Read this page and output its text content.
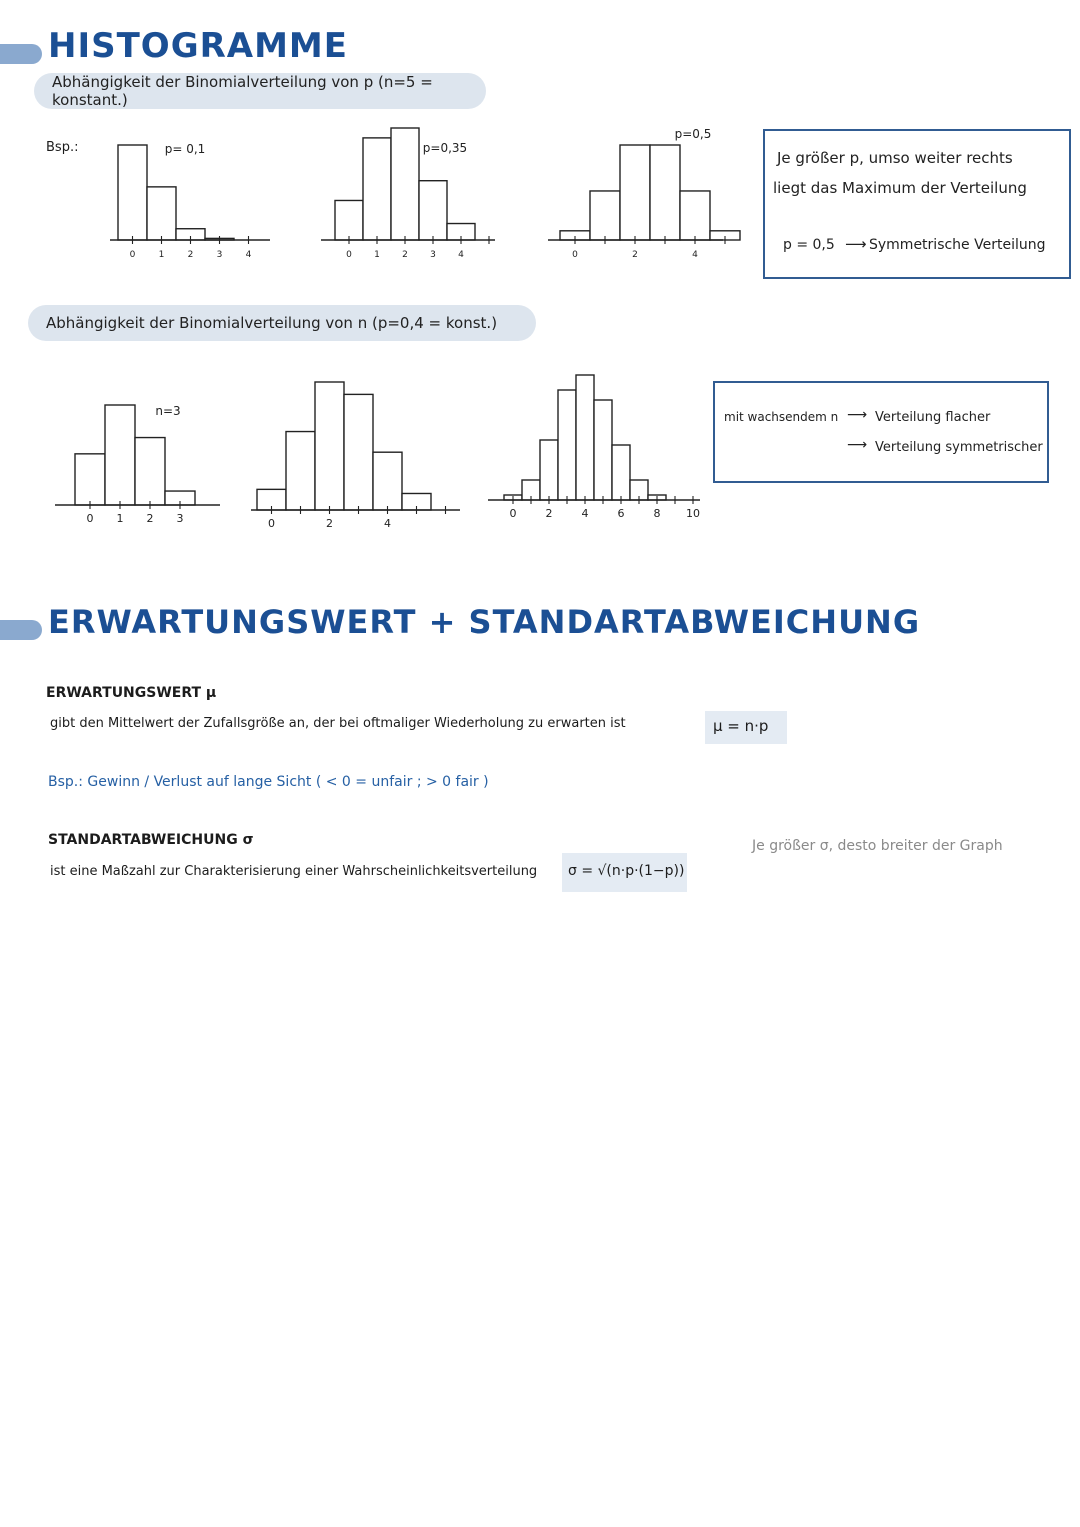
HISTOGRAMME
Abhängigkeit der Binomialverteilung von p (n=5 = konstant.)
Bsp.:
0	1	2	3	4
p= 0,1
0 1 2 3 4
p=0,35
0	2	4
p=0,5
Je größer p, umso weiter rechts
liegt das Maximum der Verteilung
p = 0,5 ⟶ Symmetrische Verteilung
Abhängigkeit der Binomialverteilung von n (p=0,4 = konst.)
0 1 2 3
n=3
0	2	4
0	2	4	6	8 10
mit wachsendem n ⟶ Verteilung flacher
⟶ Verteilung symmetrischer
ERWARTUNGSWERT + STANDARTABWEICHUNG
ERWARTUNGSWERT μ
gibt den Mittelwert der Zufallsgröße an, der bei oftmaliger Wiederholung zu erwarten ist	μ = n·p
Bsp.: Gewinn / Verlust auf lange Sicht ( < 0 = unfair ; > 0 fair )
STANDARTABWEICHUNG σ
ist eine Maßzahl zur Charakterisierung einer Wahrscheinlichkeitsverteilung σ = √(n·p·(1−p))
Je größer σ, desto breiter der Graph
